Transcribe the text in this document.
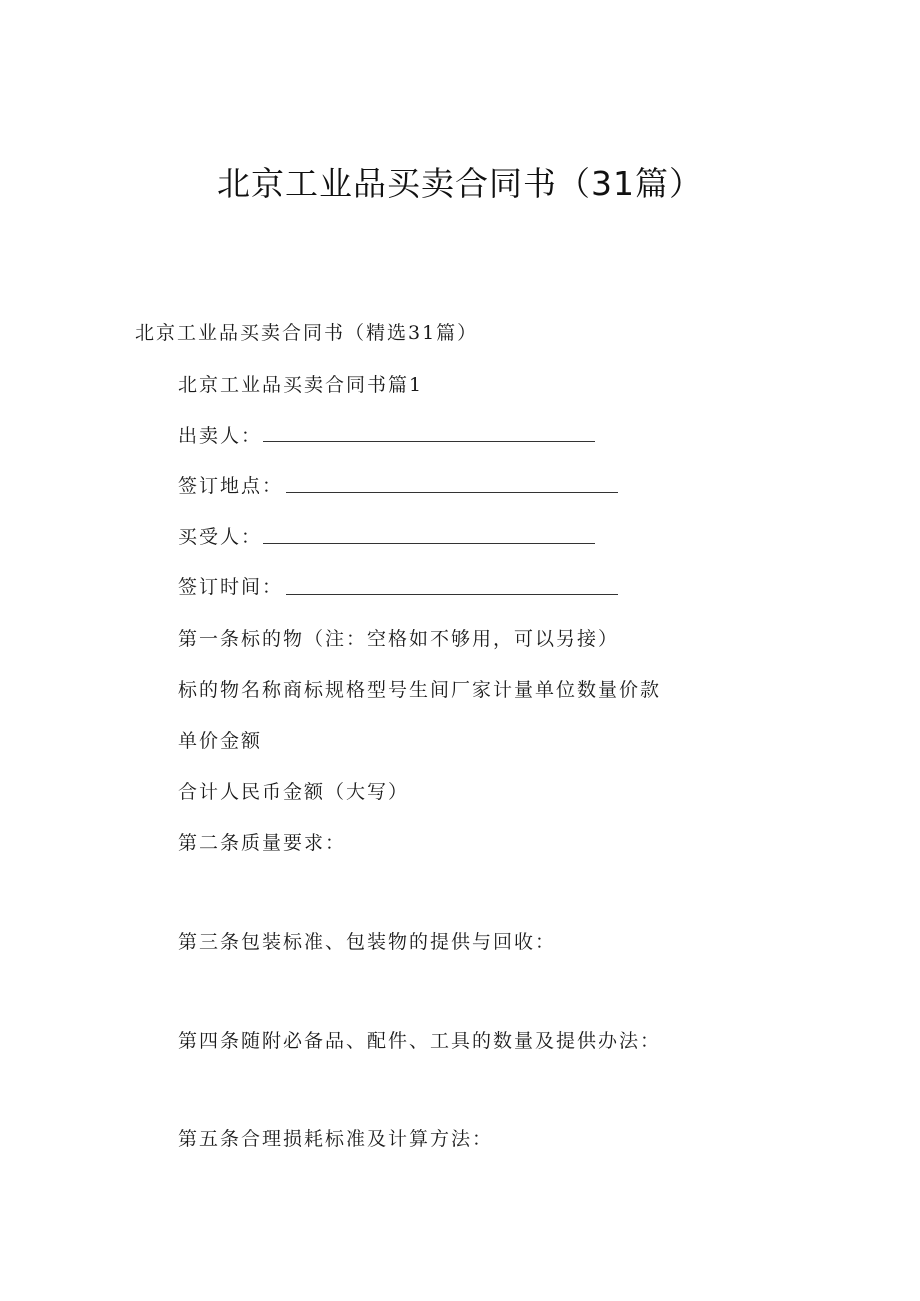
北京工业品买卖合同书（31篇）

北京工业品买卖合同书（精选31篇）

北京工业品买卖合同书篇1

出卖人：
签订地点：
买受人：
签订时间：

第一条标的物（注：空格如不够用，可以另接）

标的物名称商标规格型号生间厂家计量单位数量价款

单价金额

合计人民币金额（大写）

第二条质量要求：

第三条包装标准、包装物的提供与回收：

第四条随附必备品、配件、工具的数量及提供办法：

第五条合理损耗标准及计算方法：
